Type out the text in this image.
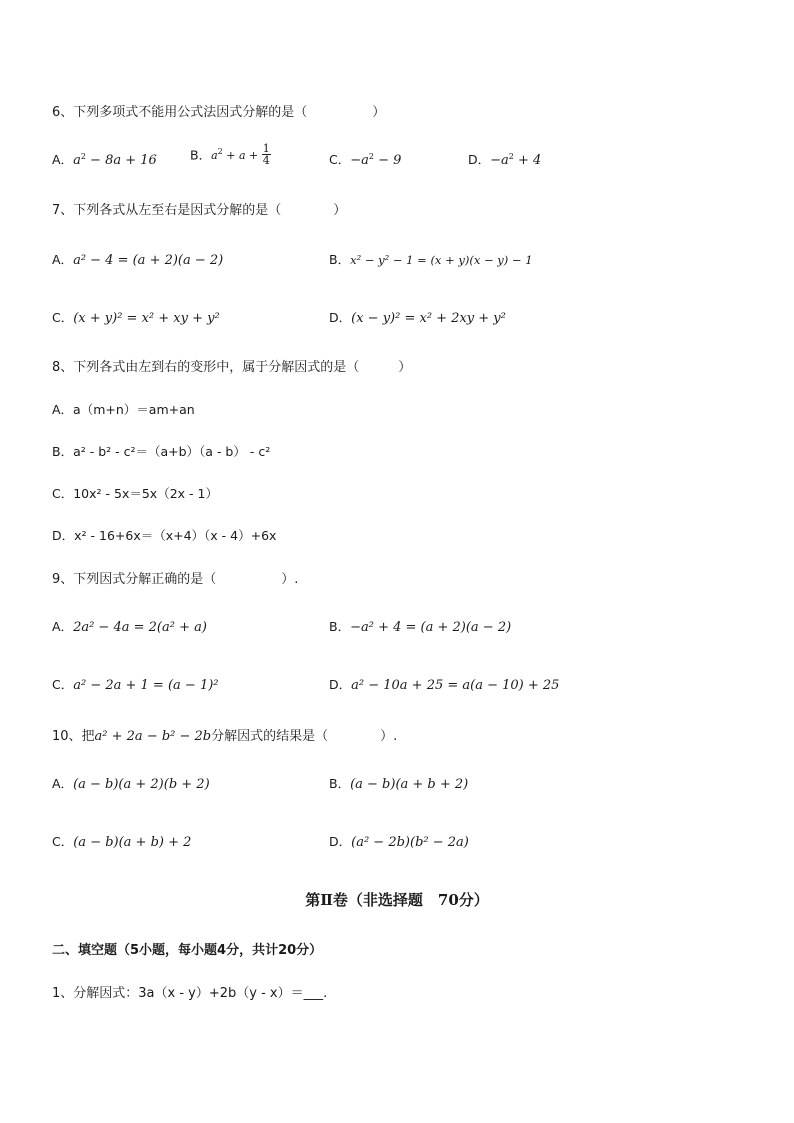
6、下列多项式不能用公式法因式分解的是（　　　　　）
A．$a^2 - 8a + 16$	B．$a^2 + a + \frac{1}{4}$	C．$-a^2 - 9$	D．$-a^2 + 4$
7、下列各式从左至右是因式分解的是（　　　　）
A．a² − 4 = (a + 2)(a − 2)	B．x² − y² − 1 = (x + y)(x − y) − 1
C．(x + y)² = x² + xy + y²	D．(x − y)² = x² + 2xy + y²
8、下列各式由左到右的变形中，属于分解因式的是（　　　）
A．a（m+n）＝am+an
B．a² - b² - c²＝（a+b）（a - b） - c²
C．10x² - 5x＝5x（2x - 1）
D．x² - 16+6x＝（x+4）（x - 4）+6x
9、下列因式分解正确的是（　　　　　）.
A．2a² − 4a = 2(a² + a)	B．−a² + 4 = (a + 2)(a − 2)
C．a² − 2a + 1 = (a − 1)²	D．a² − 10a + 25 = a(a − 10) + 25
10、把a² + 2a − b² − 2b分解因式的结果是（　　　　）.
A．(a − b)(a + 2)(b + 2)	B．(a − b)(a + b + 2)
C．(a − b)(a + b) + 2	D．(a² − 2b)(b² − 2a)
第Ⅱ卷（非选择题　70分）
二、填空题（5小题，每小题4分，共计20分）
1、分解因式：3a（x - y）+2b（y - x）＝___.
